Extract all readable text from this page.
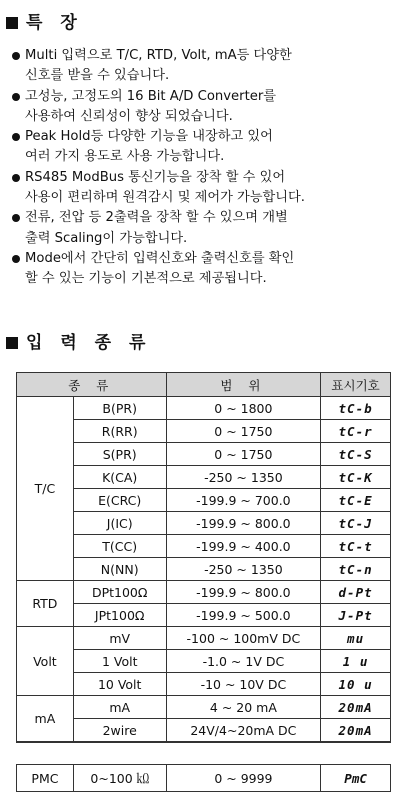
특 장
Multi 입력으로 T/C, RTD, Volt, mA등 다양한
신호를 받을 수 있습니다.
고성능, 고정도의 16 Bit A/D Converter를
사용하여 신뢰성이 향상 되었습니다.
Peak Hold등 다양한 기능을 내장하고 있어
여러 가지 용도로 사용 가능합니다.
RS485 ModBus 통신기능을 장착 할 수 있어
사용이 편리하며 원격감시 및 제어가 가능합니다.
전류, 전압 등 2출력을 장착 할 수 있으며 개별
출력 Scaling이 가능합니다.
Mode에서 간단히 입력신호와 출력신호를 확인
할 수 있는 기능이 기본적으로 제공됩니다.
입 력 종 류
종 류		범 위	표시기호
T/C	B(PR)	0 ~ 1800	tC-b
	R(RR)	0 ~ 1750	tC-r
	S(PR)	0 ~ 1750	tC-S
	K(CA)	-250 ~ 1350	tC-K
	E(CRC)	-199.9 ~ 700.0	tC-E
	J(IC)	-199.9 ~ 800.0	tC-J
	T(CC)	-199.9 ~ 400.0	tC-t
	N(NN)	-250 ~ 1350	tC-n
RTD	DPt100Ω	-199.9 ~ 800.0	d-Pt
	JPt100Ω	-199.9 ~ 500.0	J-Pt
Volt	mV	-100 ~ 100mV DC	mu
	1 Volt	-1.0 ~ 1V DC	1 u
	10 Volt	-10 ~ 10V DC	10 u
mA	mA	4 ~ 20 mA	20mA
	2wire	24V/4~20mA DC	20mA
PMC	0~100 ㏀	0 ~ 9999	PmC
